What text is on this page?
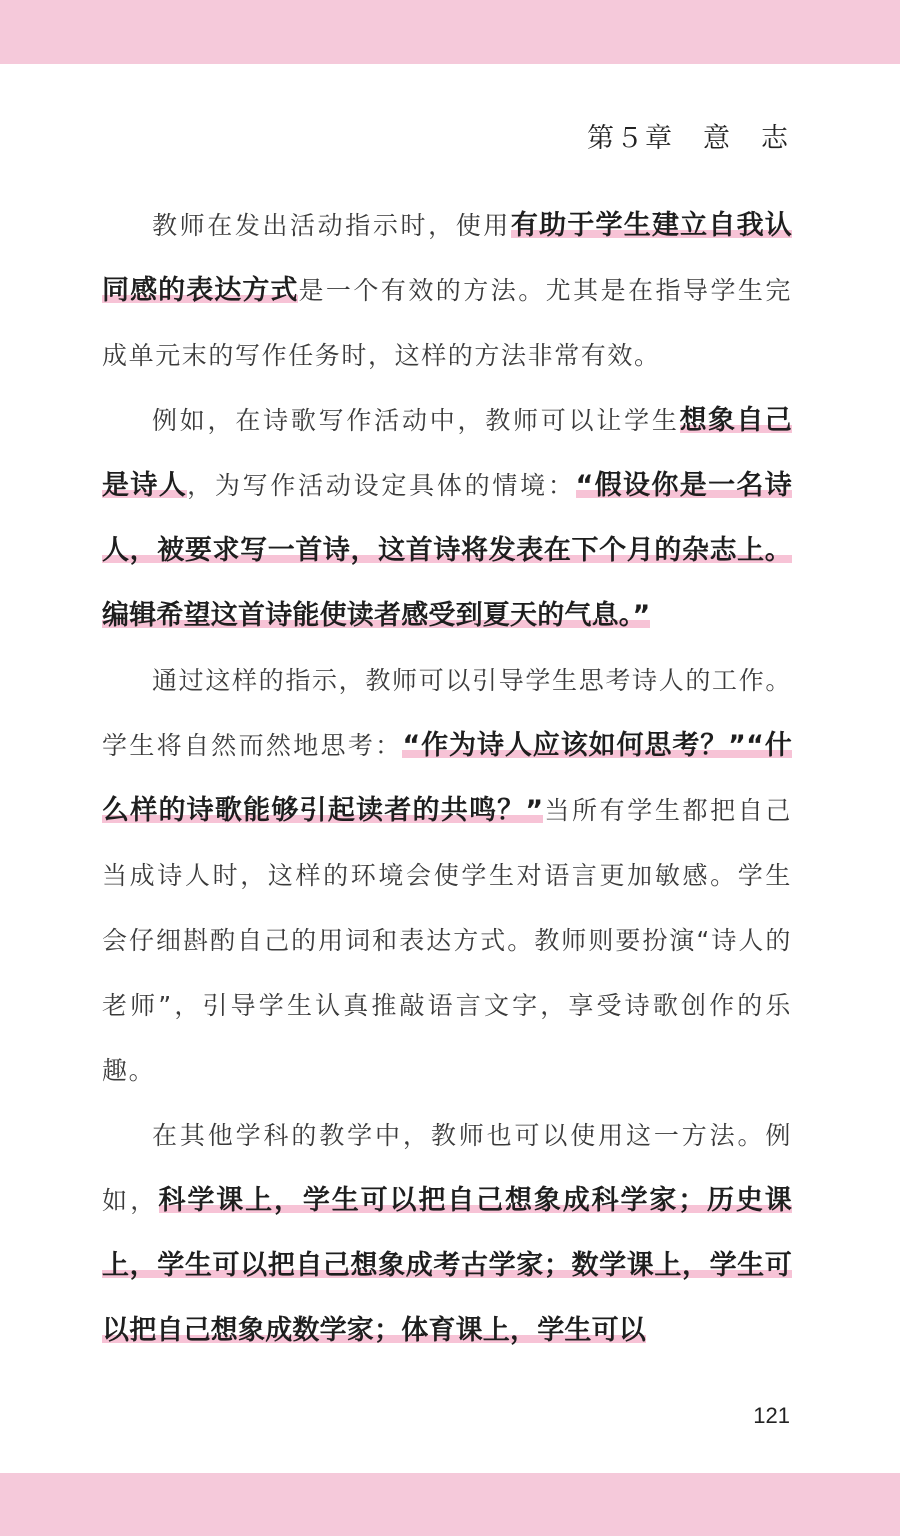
第５章　意　志

教师在发出活动指示时，使用有助于学生建立自我认同感的表达方式是一个有效的方法。尤其是在指导学生完成单元末的写作任务时，这样的方法非常有效。

例如，在诗歌写作活动中，教师可以让学生想象自己是诗人，为写作活动设定具体的情境：“假设你是一名诗人，被要求写一首诗，这首诗将发表在下个月的杂志上。编辑希望这首诗能使读者感受到夏天的气息。”

通过这样的指示，教师可以引导学生思考诗人的工作。学生将自然而然地思考：“作为诗人应该如何思考？”“什么样的诗歌能够引起读者的共鸣？”当所有学生都把自己当成诗人时，这样的环境会使学生对语言更加敏感。学生会仔细斟酌自己的用词和表达方式。教师则要扮演“诗人的老师”，引导学生认真推敲语言文字，享受诗歌创作的乐趣。

在其他学科的教学中，教师也可以使用这一方法。例如，科学课上，学生可以把自己想象成科学家；历史课上，学生可以把自己想象成考古学家；数学课上，学生可以把自己想象成数学家；体育课上，学生可以

121
